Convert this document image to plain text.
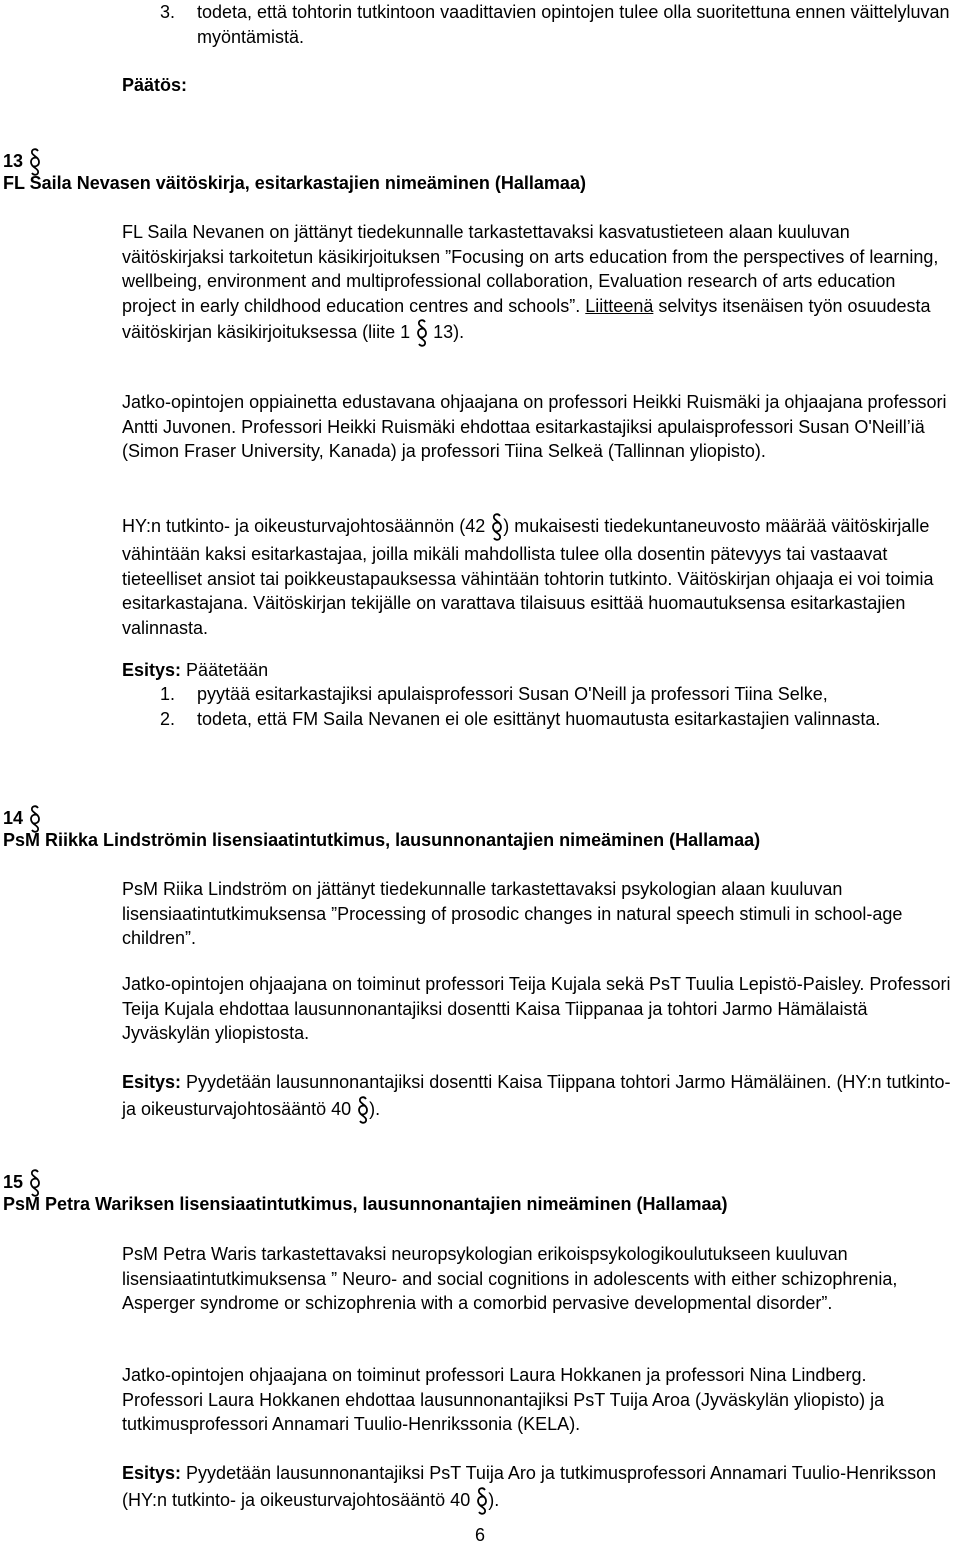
3. todeta, että tohtorin tutkintoon vaadittavien opintojen tulee olla suoritettuna ennen väittelyluvan myöntämistä.
Päätös:
13
FL Saila Nevasen väitöskirja, esitarkastajien nimeäminen (Hallamaa)

FL Saila Nevanen on jättänyt tiedekunnalle tarkastettavaksi kasvatustieteen alaan kuuluvan väitöskirjaksi tarkoitetun käsikirjoituksen ”Focusing on arts education from the perspectives of learning, wellbeing, environment and multiprofessional collaboration, Evaluation research of arts education project in early childhood education centres and schools”. Liitteenä selvitys itsenäisen työn osuudesta väitöskirjan käsikirjoituksessa (liite 1 13).

Jatko-opintojen oppiainetta edustavana ohjaajana on professori Heikki Ruismäki ja ohjaajana professori Antti Juvonen. Professori Heikki Ruismäki ehdottaa esitarkastajiksi apulaisprofessori Susan O'Neill’iä (Simon Fraser University, Kanada) ja professori Tiina Selkeä (Tallinnan yliopisto).

HY:n tutkinto- ja oikeusturvajohtosäännön (42 ) mukaisesti tiedekuntaneuvosto määrää väitöskirjalle vähintään kaksi esitarkastajaa, joilla mikäli mahdollista tulee olla dosentin pätevyys tai vastaavat tieteelliset ansiot tai poikkeustapauksessa vähintään tohtorin tutkinto. Väitöskirjan ohjaaja ei voi toimia esitarkastajana. Väitöskirjan tekijälle on varattava tilaisuus esittää huomautuksensa esitarkastajien valinnasta.

Esitys: Päätetään
1. pyytää esitarkastajiksi apulaisprofessori Susan O'Neill ja professori Tiina Selke,
2. todeta, että FM Saila Nevanen ei ole esittänyt huomautusta esitarkastajien valinnasta.
14
PsM Riikka Lindströmin lisensiaatintutkimus, lausunnonantajien nimeäminen (Hallamaa)

PsM Riika Lindström on jättänyt tiedekunnalle tarkastettavaksi psykologian alaan kuuluvan lisensiaatintutkimuksensa ”Processing of prosodic changes in natural speech stimuli in school-age children”.

Jatko-opintojen ohjaajana on toiminut professori Teija Kujala sekä PsT Tuulia Lepistö-Paisley. Professori Teija Kujala ehdottaa lausunnonantajiksi dosentti Kaisa Tiippanaa ja tohtori Jarmo Hämälaistä Jyväskylän yliopistosta.

Esitys: Pyydetään lausunnonantajiksi dosentti Kaisa Tiippana tohtori Jarmo Hämäläinen. (HY:n tutkinto- ja oikeusturvajohtosääntö 40 ).
15
PsM Petra Wariksen lisensiaatintutkimus, lausunnonantajien nimeäminen (Hallamaa)

PsM Petra Waris tarkastettavaksi neuropsykologian erikoispsykologikoulutukseen kuuluvan lisensiaatintutkimuksensa ” Neuro- and social cognitions in adolescents with either schizophrenia, Asperger syndrome or schizophrenia with a comorbid pervasive developmental disorder”.

Jatko-opintojen ohjaajana on toiminut professori Laura Hokkanen ja professori Nina Lindberg. Professori Laura Hokkanen ehdottaa lausunnonantajiksi PsT Tuija Aroa (Jyväskylän yliopisto) ja tutkimusprofessori Annamari Tuulio-Henrikssonia (KELA).

Esitys: Pyydetään lausunnonantajiksi PsT Tuija Aro ja tutkimusprofessori Annamari Tuulio-Henriksson (HY:n tutkinto- ja oikeusturvajohtosääntö 40 ).
6
